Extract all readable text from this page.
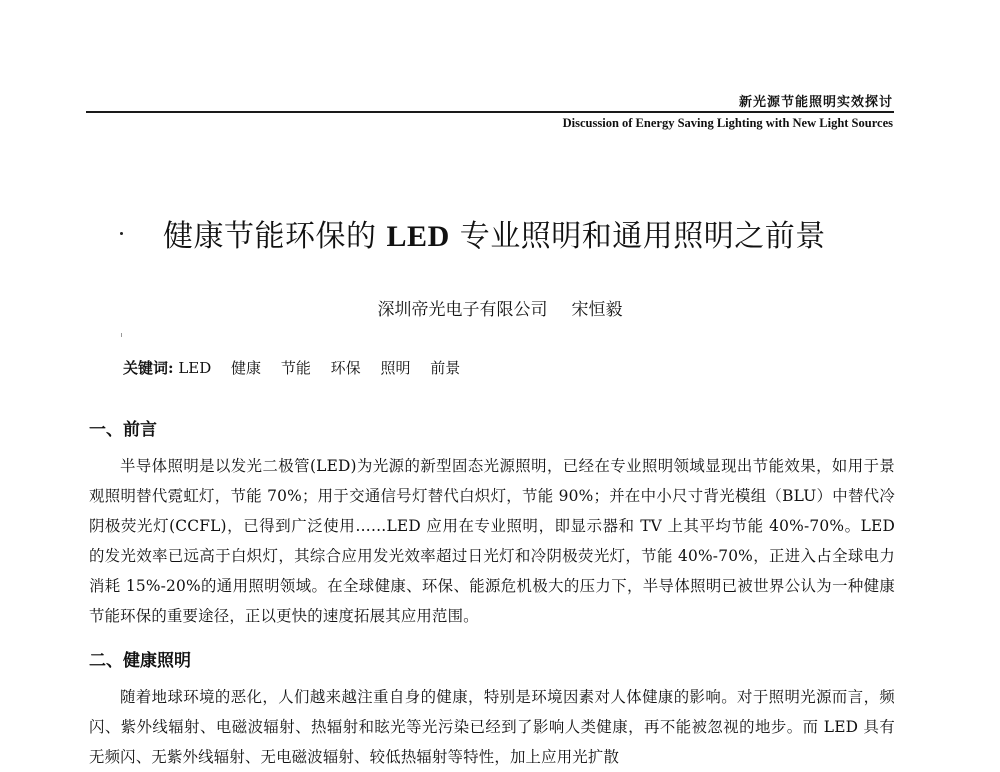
新光源节能照明实效探讨
Discussion of Energy Saving Lighting with New Light Sources
健康节能环保的 LED 专业照明和通用照明之前景
深圳帝光电子有限公司 宋恒毅
关键词: LED 健康 节能 环保 照明 前景
一、前言

半导体照明是以发光二极管(LED)为光源的新型固态光源照明，已经在专业照明领域显现出节能效果，如用于景观照明替代霓虹灯，节能 70%；用于交通信号灯替代白炽灯，节能 90%；并在中小尺寸背光模组（BLU）中替代冷阴极荧光灯(CCFL)，已得到广泛使用……LED 应用在专业照明，即显示器和 TV 上其平均节能 40%-70%。LED 的发光效率已远高于白炽灯，其综合应用发光效率超过日光灯和冷阴极荧光灯，节能 40%-70%，正进入占全球电力消耗 15%-20%的通用照明领域。在全球健康、环保、能源危机极大的压力下，半导体照明已被世界公认为一种健康节能环保的重要途径，正以更快的速度拓展其应用范围。

二、健康照明

随着地球环境的恶化，人们越来越注重自身的健康，特别是环境因素对人体健康的影响。对于照明光源而言，频闪、紫外线辐射、电磁波辐射、热辐射和眩光等光污染已经到了影响人类健康，再不能被忽视的地步。而 LED 具有无频闪、无紫外线辐射、无电磁波辐射、较低热辐射等特性，加上应用光扩散
